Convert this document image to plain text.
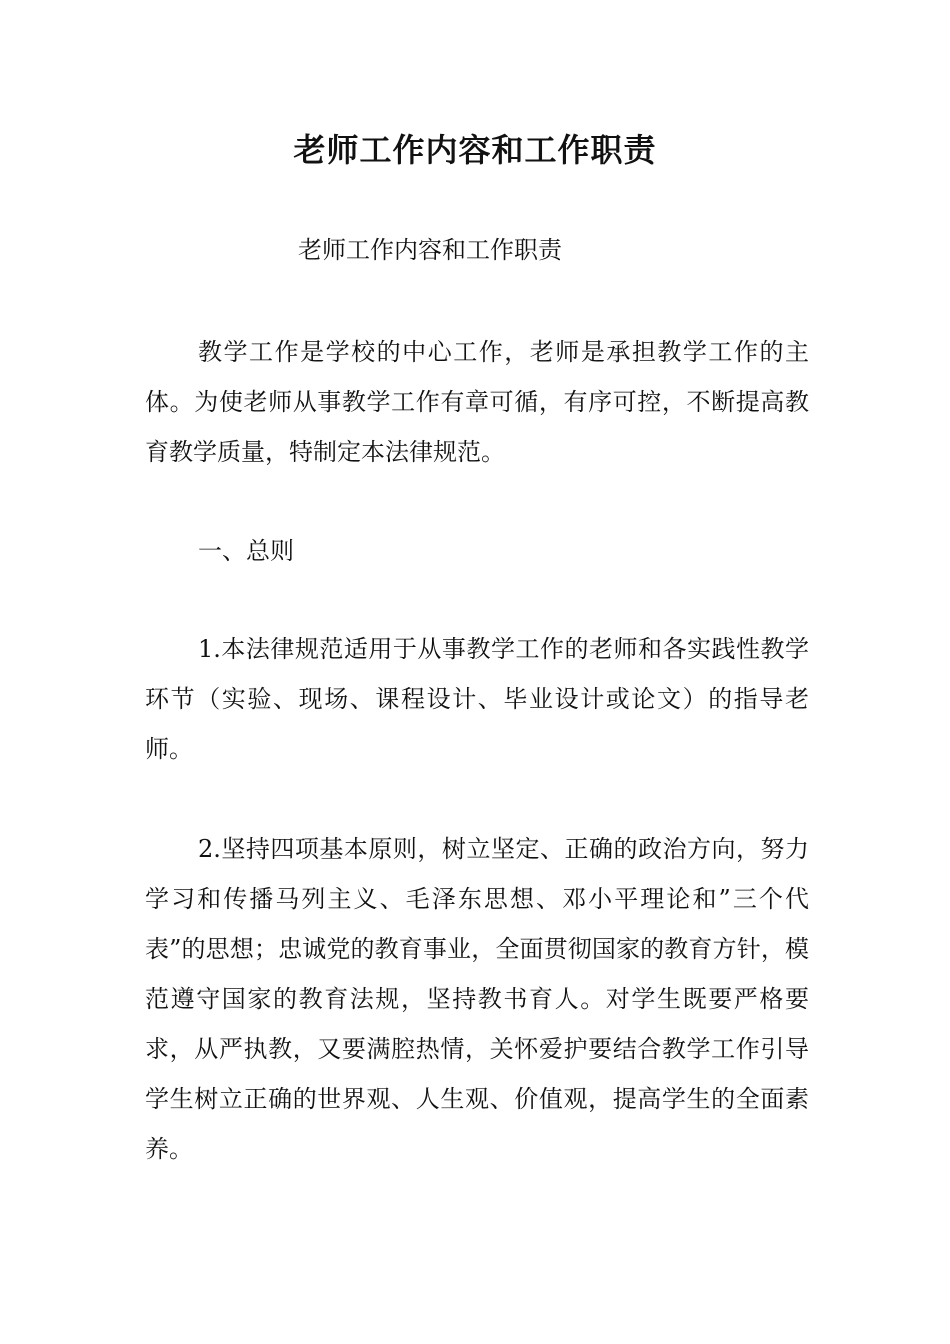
老师工作内容和工作职责
老师工作内容和工作职责
教学工作是学校的中心工作，老师是承担教学工作的主体。为使老师从事教学工作有章可循，有序可控，不断提高教育教学质量，特制定本法律规范。
一、总则
1.本法律规范适用于从事教学工作的老师和各实践性教学环节（实验、现场、课程设计、毕业设计或论文）的指导老师。
2.坚持四项基本原则，树立坚定、正确的政治方向，努力学习和传播马列主义、毛泽东思想、邓小平理论和”三个代表”的思想；忠诚党的教育事业，全面贯彻国家的教育方针，模范遵守国家的教育法规，坚持教书育人。对学生既要严格要求，从严执教，又要满腔热情，关怀爱护要结合教学工作引导学生树立正确的世界观、人生观、价值观，提高学生的全面素养。
